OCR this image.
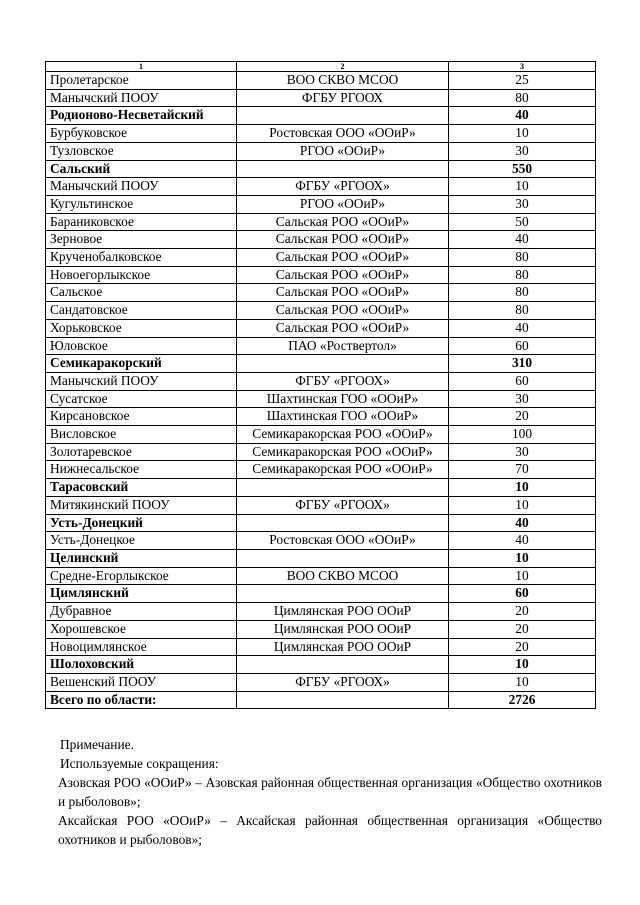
1	2	3
Пролетарское	ВОО СКВО МСОО	25
Манычский ПООУ	ФГБУ РГООХ	80
Родионово-Несветайский		40
Бурбуковское	Ростовская ООО «ООиР»	10
Тузловское	РГОО «ООиР»	30
Сальский		550
Манычский ПООУ	ФГБУ «РГООХ»	10
Кугультинское	РГОО «ООиР»	30
Бараниковское	Сальская РОО «ООиР»	50
Зерновое	Сальская РОО «ООиР»	40
Крученобалковское	Сальская РОО «ООиР»	80
Новоегорлыкское	Сальская РОО «ООиР»	80
Сальское	Сальская РОО «ООиР»	80
Сандатовское	Сальская РОО «ООиР»	80
Хорьковское	Сальская РОО «ООиР»	40
Юловское	ПАО «Роствертол»	60
Семикаракорский		310
Манычский ПООУ	ФГБУ «РГООХ»	60
Сусатское	Шахтинская ГОО «ООиР»	30
Кирсановское	Шахтинская ГОО «ООиР»	20
Висловское	Семикаракорская РОО «ООиР»	100
Золотаревское	Семикаракорская РОО «ООиР»	30
Нижнесальское	Семикаракорская РОО «ООиР»	70
Тарасовский		10
Митякинский ПООУ	ФГБУ «РГООХ»	10
Усть-Донецкий		40
Усть-Донецкое	Ростовская ООО «ООиР»	40
Целинский		10
Средне-Егорлыкское	ВОО СКВО МСОО	10
Цимлянский		60
Дубравное	Цимлянская РОО ООиР	20
Хорошевское	Цимлянская РОО ООиР	20
Новоцимлянское	Цимлянская РОО ООиР	20
Шолоховский		10
Вешенский ПООУ	ФГБУ «РГООХ»	10
Всего по области:		2726

Примечание.

Используемые сокращения:

Азовская РОО «ООиР» – Азовская районная общественная организация «Общество охотников и рыболовов»;

Аксайская РОО «ООиР» – Аксайская районная общественная организация «Общество охотников и рыболовов»;
